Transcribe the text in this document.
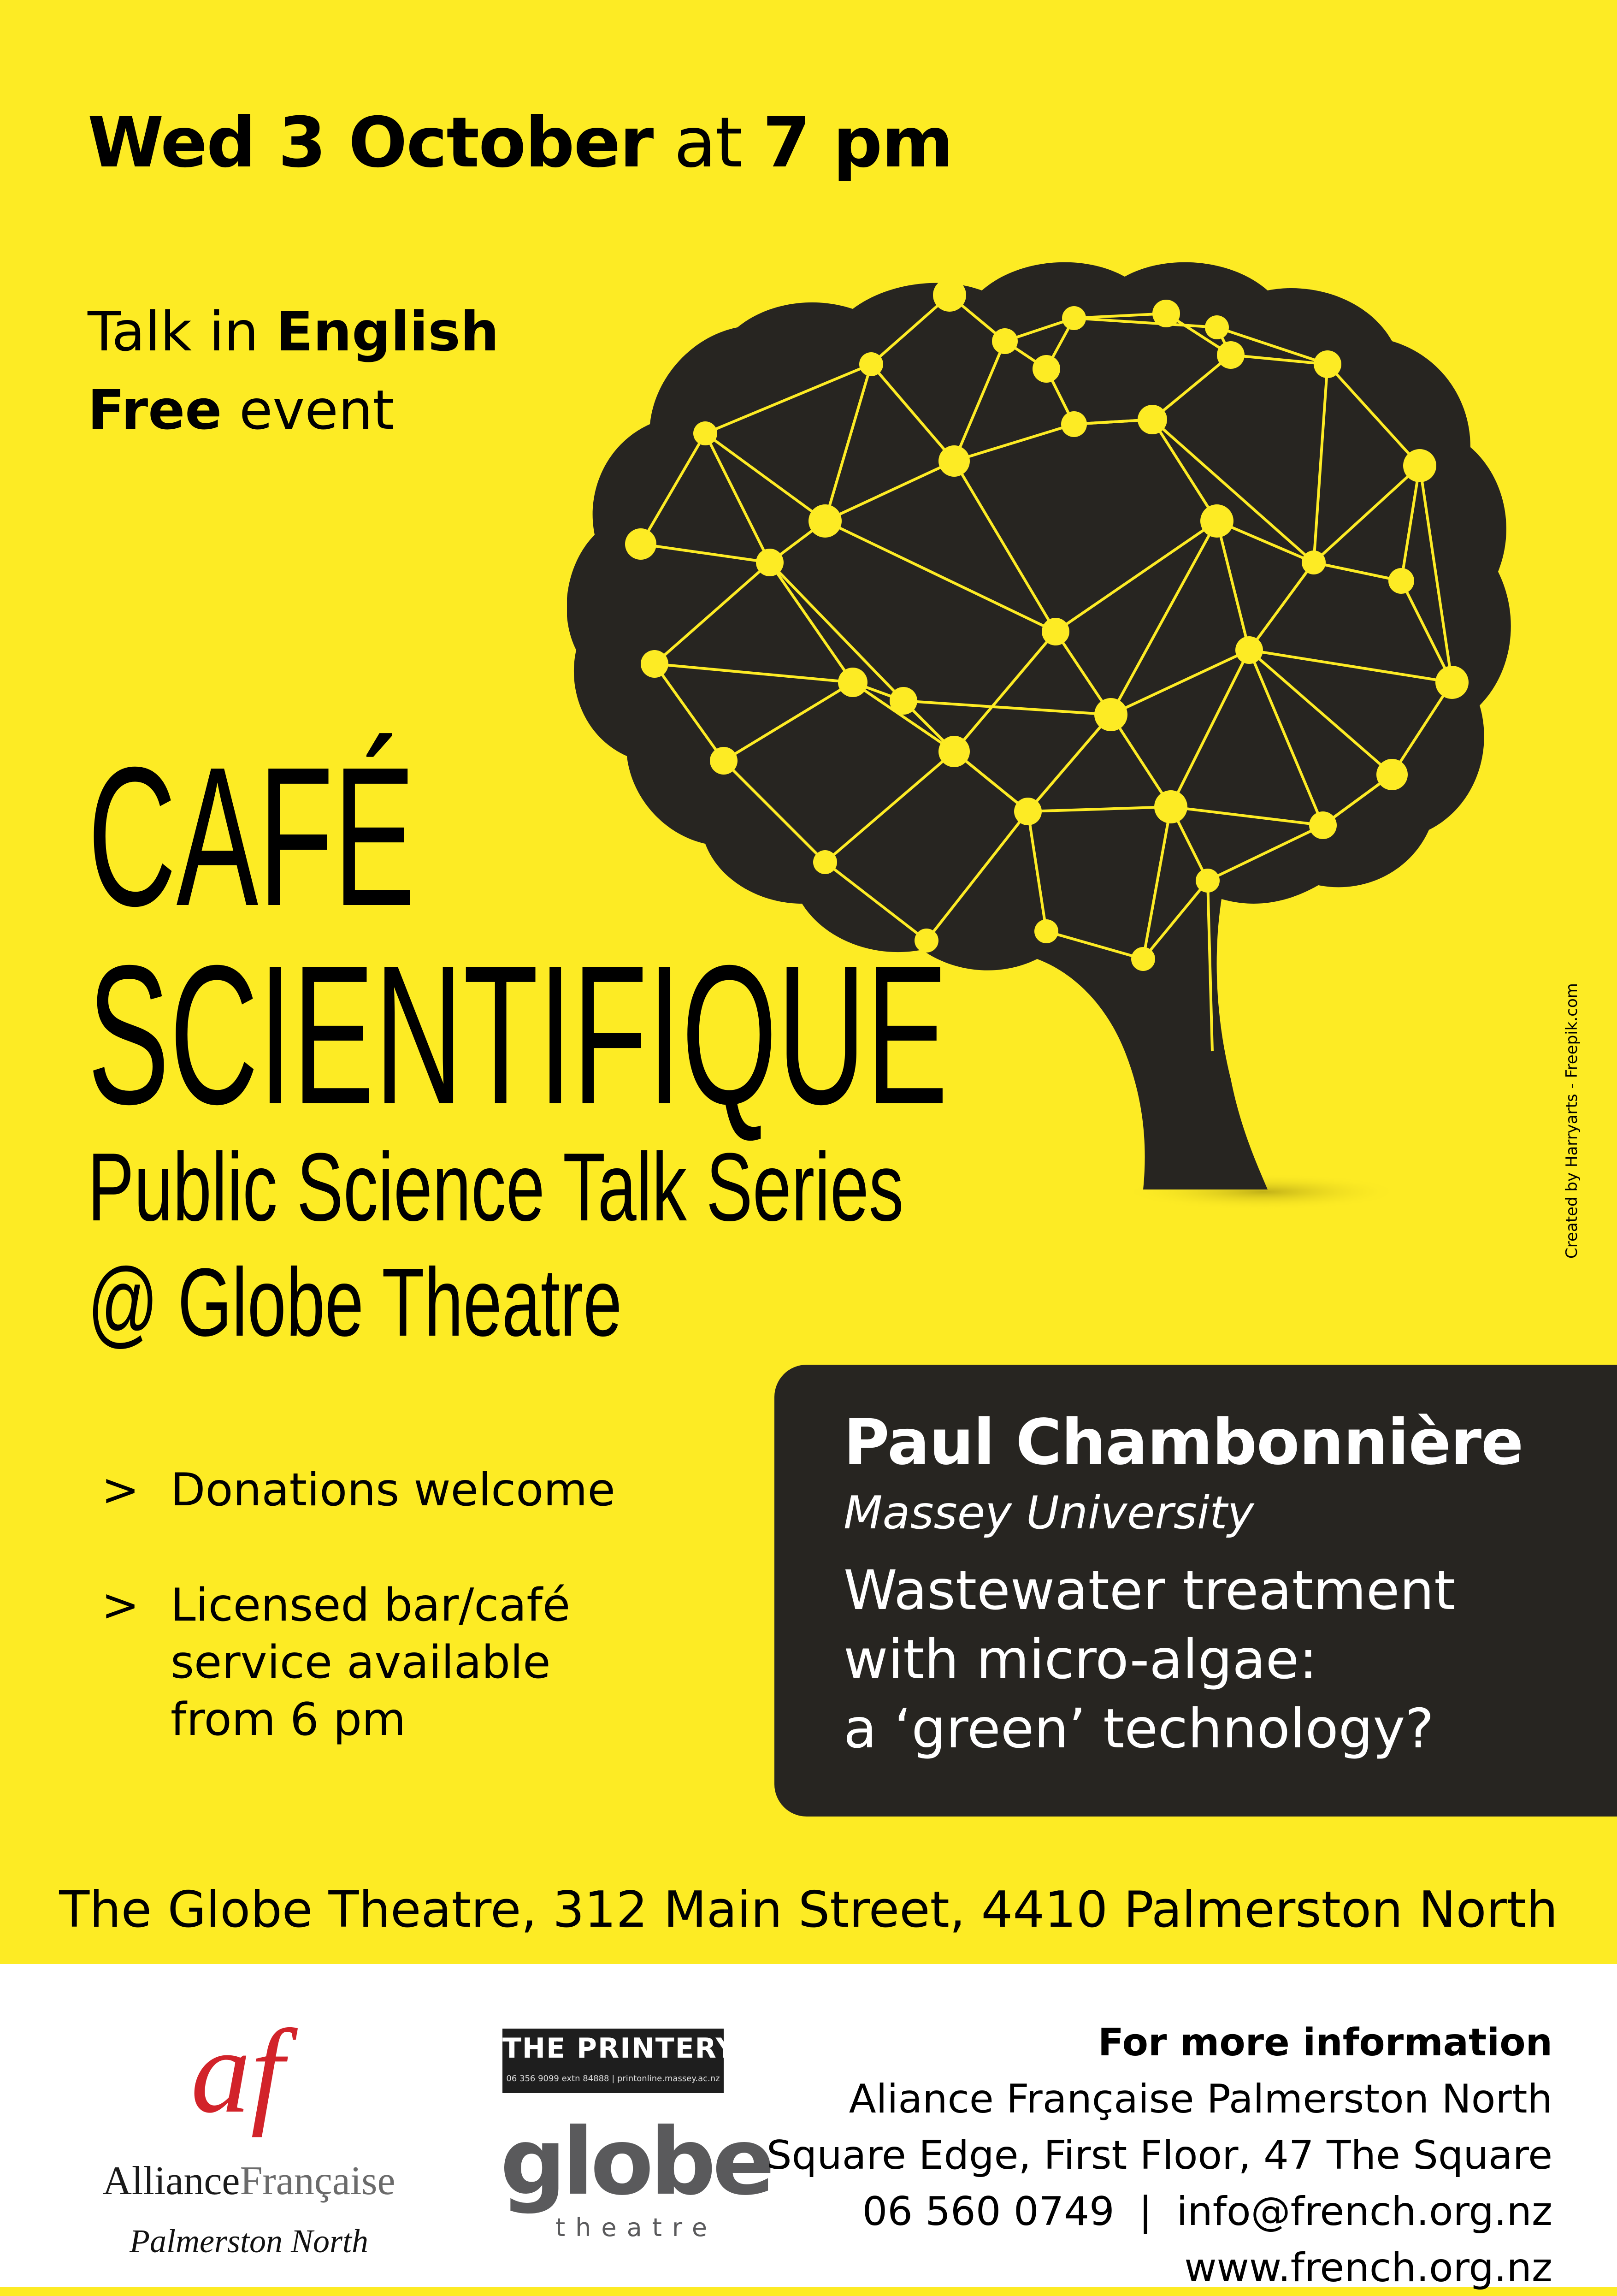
Wed 3 October at 7 pm
Talk in English
Free event
CAFÉ
SCIENTIFIQUE
Public Science Talk Series
@ Globe Theatre
Created by Harryarts - Freepik.com
> Donations welcome
> Licensed bar/café
service available
from 6 pm
Paul Chambonnière
Massey University
Wastewater treatment
with micro-algae:
a ‘green’ technology?
The Globe Theatre, 312 Main Street, 4410 Palmerston North
af
AllianceFrançaise
Palmerston North
THE PRINTERY
06 356 9099 extn 84888 | printonline.massey.ac.nz
globe
theatre
For more information
Aliance Française Palmerston North
Square Edge, First Floor, 47 The Square
06 560 0749 | info@french.org.nz
www.french.org.nz
